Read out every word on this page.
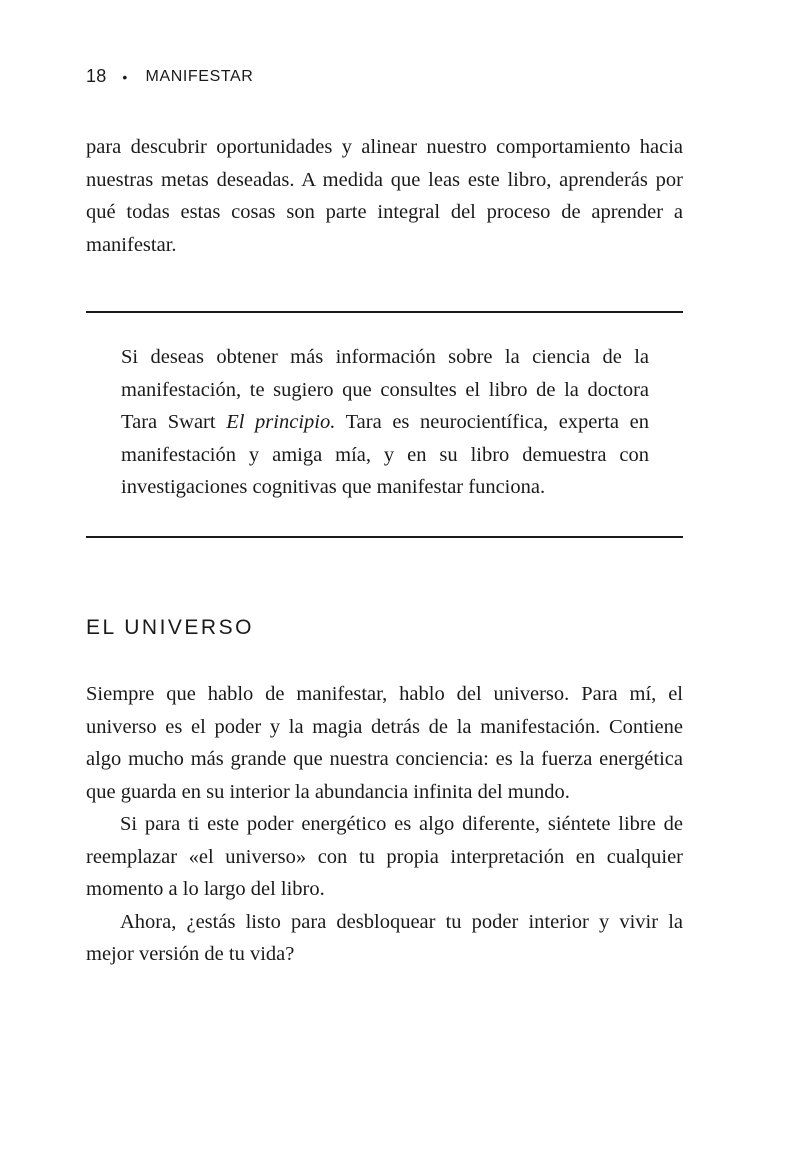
18 • MANIFESTAR

para descubrir oportunidades y alinear nuestro comportamiento hacia nuestras metas deseadas. A medida que leas este libro, aprenderás por qué todas estas cosas son parte integral del proceso de aprender a manifestar.

Si deseas obtener más información sobre la ciencia de la manifestación, te sugiero que consultes el libro de la doctora Tara Swart El principio. Tara es neurocientífica, experta en manifestación y amiga mía, y en su libro demuestra con investigaciones cognitivas que manifestar funciona.

EL UNIVERSO

Siempre que hablo de manifestar, hablo del universo. Para mí, el universo es el poder y la magia detrás de la manifestación. Contiene algo mucho más grande que nuestra conciencia: es la fuerza energética que guarda en su interior la abundancia infinita del mundo.

Si para ti este poder energético es algo diferente, siéntete libre de reemplazar «el universo» con tu propia interpretación en cualquier momento a lo largo del libro.

Ahora, ¿estás listo para desbloquear tu poder interior y vivir la mejor versión de tu vida?
